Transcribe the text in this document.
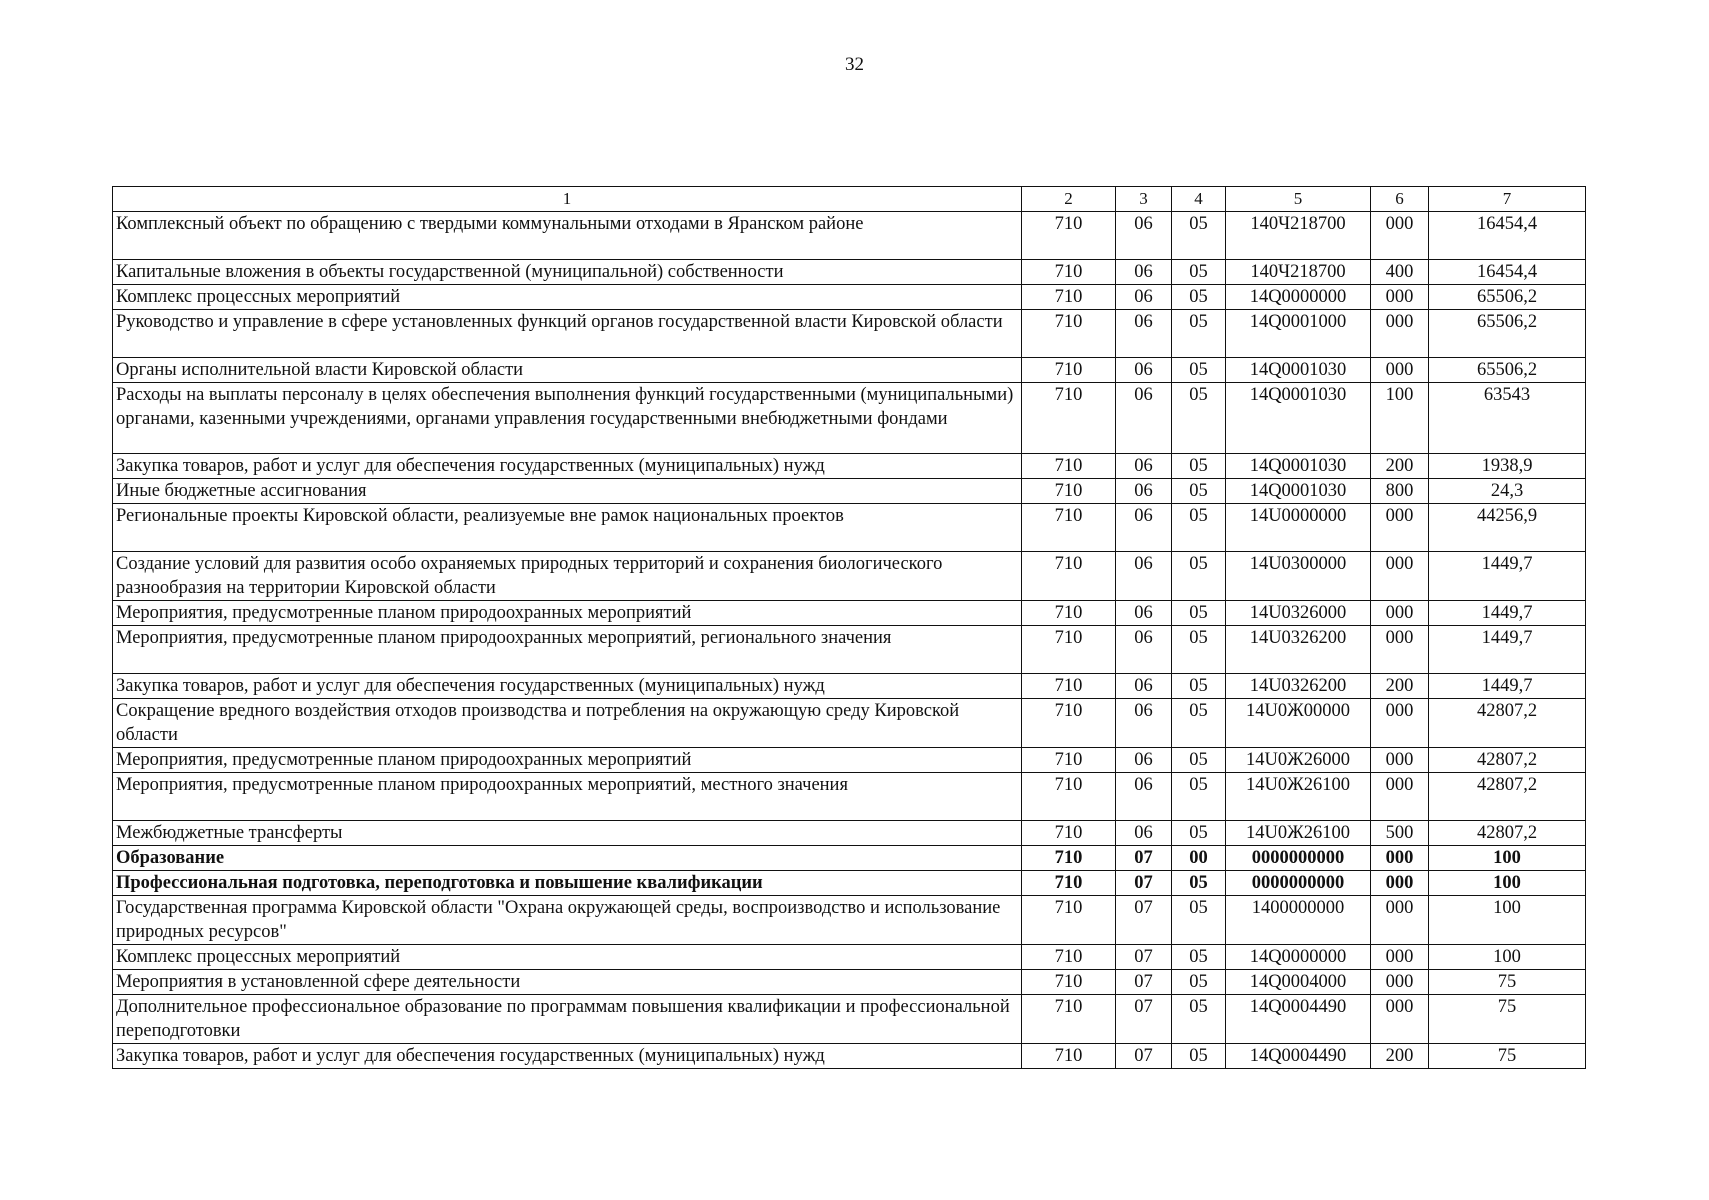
32
1	2	3	4	5	6	7
Комплексный объект по обращению с твердыми коммунальными отходами в Яранском районе	710	06	05	140Ч218700	000	16454,4
Капитальные вложения в объекты государственной (муниципальной) собственности	710	06	05	140Ч218700	400	16454,4
Комплекс процессных мероприятий	710	06	05	14Q0000000	000	65506,2
Руководство и управление в сфере установленных функций органов государственной власти Кировской области	710	06	05	14Q0001000	000	65506,2
Органы исполнительной власти Кировской области	710	06	05	14Q0001030	000	65506,2
Расходы на выплаты персоналу в целях обеспечения выполнения функций государственными (муниципальными) органами, казенными учреждениями, органами управления государственными внебюджетными фондами	710	06	05	14Q0001030	100	63543
Закупка товаров, работ и услуг для обеспечения государственных (муниципальных) нужд	710	06	05	14Q0001030	200	1938,9
Иные бюджетные ассигнования	710	06	05	14Q0001030	800	24,3
Региональные проекты Кировской области, реализуемые вне рамок национальных проектов	710	06	05	14U0000000	000	44256,9
Создание условий для развития особо охраняемых природных территорий и сохранения биологического разнообразия на территории Кировской области	710	06	05	14U0300000	000	1449,7
Мероприятия, предусмотренные планом природоохранных мероприятий	710	06	05	14U0326000	000	1449,7
Мероприятия, предусмотренные планом природоохранных мероприятий, регионального значения	710	06	05	14U0326200	000	1449,7
Закупка товаров, работ и услуг для обеспечения государственных (муниципальных) нужд	710	06	05	14U0326200	200	1449,7
Сокращение вредного воздействия отходов производства и потребления на окружающую среду Кировской области	710	06	05	14U0Ж00000	000	42807,2
Мероприятия, предусмотренные планом природоохранных мероприятий	710	06	05	14U0Ж26000	000	42807,2
Мероприятия, предусмотренные планом природоохранных мероприятий, местного значения	710	06	05	14U0Ж26100	000	42807,2
Межбюджетные трансферты	710	06	05	14U0Ж26100	500	42807,2
Образование	710	07	00	0000000000	000	100
Профессиональная подготовка, переподготовка и повышение квалификации	710	07	05	0000000000	000	100
Государственная программа Кировской области "Охрана окружающей среды, воспроизводство и использование природных ресурсов"	710	07	05	1400000000	000	100
Комплекс процессных мероприятий	710	07	05	14Q0000000	000	100
Мероприятия в установленной сфере деятельности	710	07	05	14Q0004000	000	75
Дополнительное профессиональное образование по программам повышения квалификации и профессиональной переподготовки	710	07	05	14Q0004490	000	75
Закупка товаров, работ и услуг для обеспечения государственных (муниципальных) нужд	710	07	05	14Q0004490	200	75
